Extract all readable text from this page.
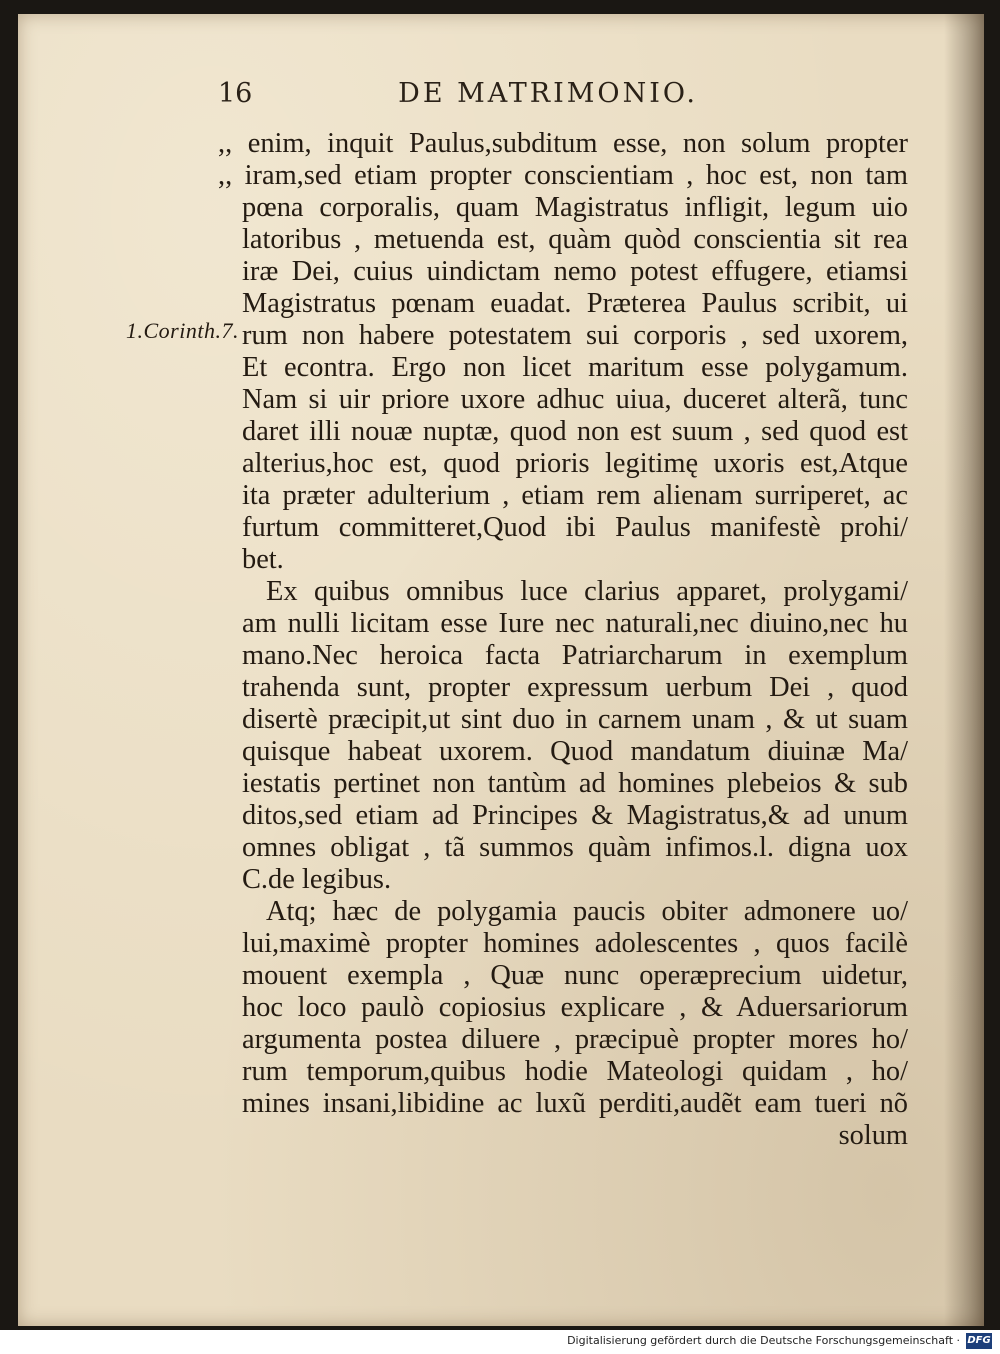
16	DE MATRIMONIO.
1.Corinth.7.
,, enim, inquit Paulus,subditum esse, non solum propter
,, iram,sed etiam propter conscientiam , hoc est, non tam
pœna corporalis, quam Magistratus infligit, legum uio
latoribus , metuenda est, quàm quòd conscientia sit rea
iræ Dei, cuius uindictam nemo potest effugere, etiamsi
Magistratus pœnam euadat. Præterea Paulus scribit, ui
rum non habere potestatem sui corporis , sed uxorem,
Et econtra. Ergo non licet maritum esse polygamum.
Nam si uir priore uxore adhuc uiua, duceret alterã, tunc
daret illi nouæ nuptæ, quod non est suum , sed quod est
alterius,hoc est, quod prioris legitimę uxoris est,Atque
ita præter adulterium , etiam rem alienam surriperet, ac
furtum committeret,Quod ibi Paulus manifestè prohi/
bet.
Ex quibus omnibus luce clarius apparet, prolygami/
am nulli licitam esse Iure nec naturali,nec diuino,nec hu
mano.Nec heroica facta Patriarcharum in exemplum
trahenda sunt, propter expressum uerbum Dei , quod
disertè præcipit,ut sint duo in carnem unam , & ut suam
quisque habeat uxorem. Quod mandatum diuinæ Ma/
iestatis pertinet non tantùm ad homines plebeios & sub
ditos,sed etiam ad Principes & Magistratus,& ad unum
omnes obligat , tã summos quàm infimos.l. digna uox
C.de legibus.
Atq; hæc de polygamia paucis obiter admonere uo/
lui,maximè propter homines adolescentes , quos facilè
mouent exempla , Quæ nunc operæprecium uidetur,
hoc loco paulò copiosius explicare , & Aduersariorum
argumenta postea diluere , præcipuè propter mores ho/
rum temporum,quibus hodie Mateologi quidam , ho/
mines insani,libidine ac luxũ perditi,audẽt eam tueri nõ
solum
Digitalisierung gefördert durch die Deutsche Forschungsgemeinschaft · DFG
